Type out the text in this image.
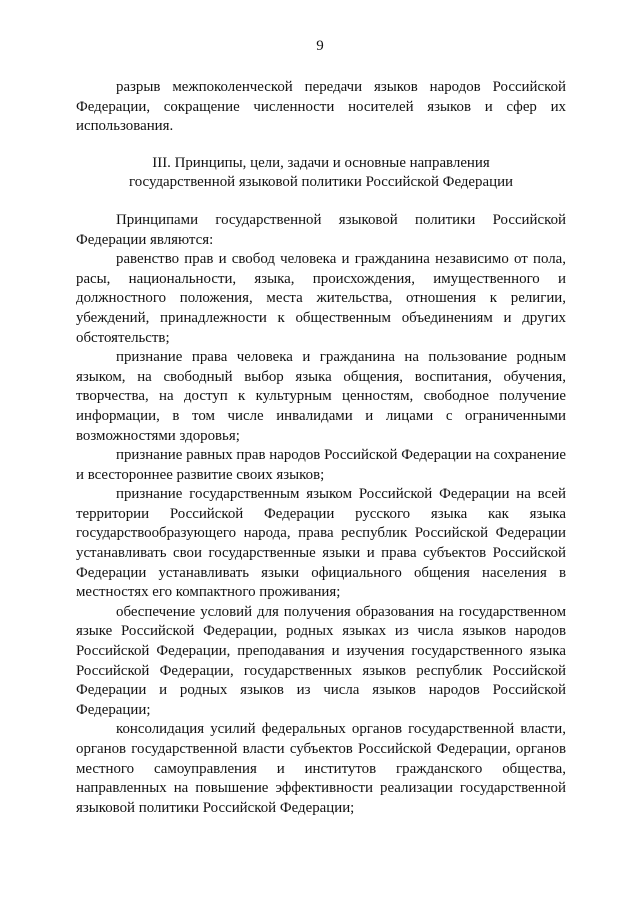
9

разрыв межпоколенческой передачи языков народов Российской Федерации, сокращение численности носителей языков и сфер их использования.

III. Принципы, цели, задачи и основные направления

государственной языковой политики Российской Федерации

Принципами государственной языковой политики Российской Федерации являются:

равенство прав и свобод человека и гражданина независимо от пола, расы, национальности, языка, происхождения, имущественного и должностного положения, места жительства, отношения к религии, убеждений, принадлежности к общественным объединениям и других обстоятельств;

признание права человека и гражданина на пользование родным языком, на свободный выбор языка общения, воспитания, обучения, творчества, на доступ к культурным ценностям, свободное получение информации, в том числе инвалидами и лицами с ограниченными возможностями здоровья;

признание равных прав народов Российской Федерации на сохранение и всестороннее развитие своих языков;

признание государственным языком Российской Федерации на всей территории Российской Федерации русского языка как языка государствообразующего народа, права республик Российской Федерации устанавливать свои государственные языки и права субъектов Российской Федерации устанавливать языки официального общения населения в местностях его компактного проживания;

обеспечение условий для получения образования на государственном языке Российской Федерации, родных языках из числа языков народов Российской Федерации, преподавания и изучения государственного языка Российской Федерации, государственных языков республик Российской Федерации и родных языков из числа языков народов Российской Федерации;

консолидация усилий федеральных органов государственной власти, органов государственной власти субъектов Российской Федерации, органов местного самоуправления и институтов гражданского общества, направленных на повышение эффективности реализации государственной языковой политики Российской Федерации;
